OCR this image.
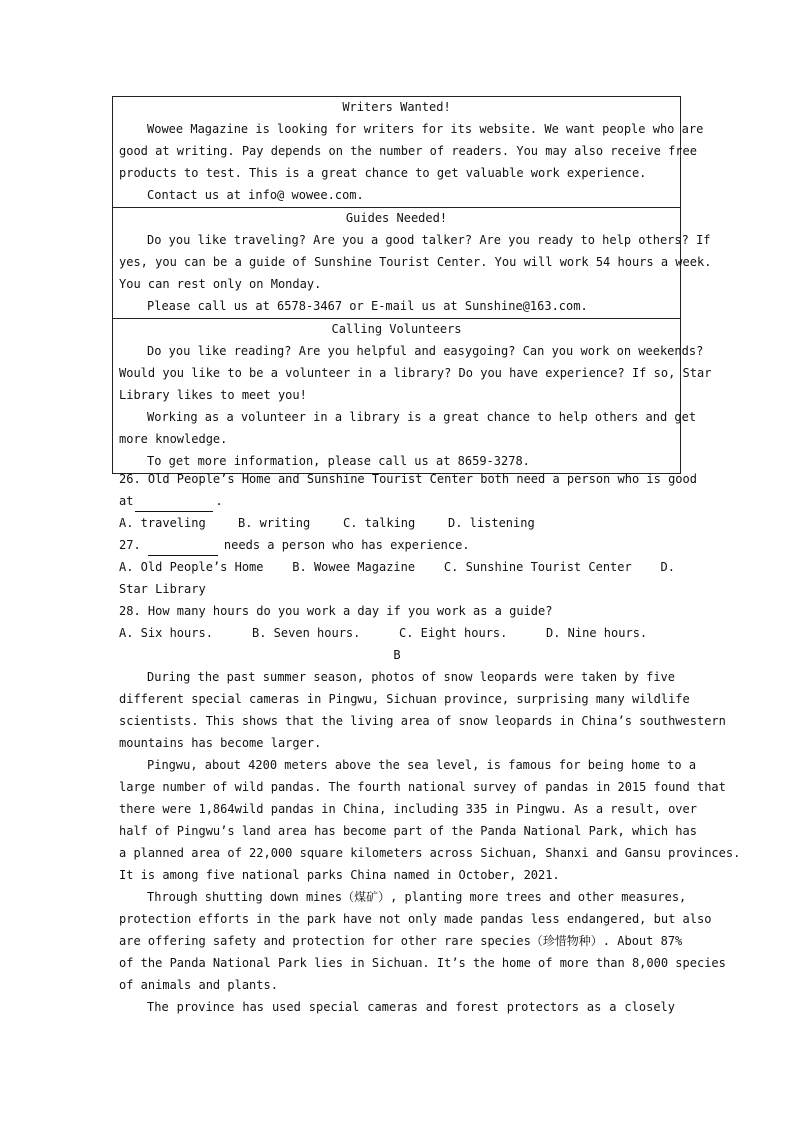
Writers Wanted!
Wowee Magazine is looking for writers for its website. We want people who are
good at writing. Pay depends on the number of readers. You may also receive free
products to test. This is a great chance to get valuable work experience.
Contact us at info@ wowee.com.
Guides Needed!
Do you like traveling? Are you a good talker? Are you ready to help others? If
yes, you can be a guide of Sunshine Tourist Center. You will work 54 hours a week.
You can rest only on Monday.
Please call us at 6578-3467 or E-mail us at Sunshine@163.com.
Calling Volunteers
Do you like reading? Are you helpful and easygoing? Can you work on weekends?
Would you like to be a volunteer in a library? Do you have experience? If so, Star
Library likes to meet you!
Working as a volunteer in a library is a great chance to help others and get
more knowledge.
To get more information, please call us at 8659-3278.
26. Old People’s Home and Sunshine Tourist Center both need a person who is good
at	.
A. traveling	B. writing	C. talking	D. listening
27.	needs a person who has experience.
A. Old People’s Home B. Wowee Magazine C. Sunshine Tourist Center D.
Star Library
28. How many hours do you work a day if you work as a guide?
A. Six hours.	B. Seven hours.	C. Eight hours.	D. Nine hours.
B
During the past summer season, photos of snow leopards were taken by five
different special cameras in Pingwu, Sichuan province, surprising many wildlife
scientists. This shows that the living area of snow leopards in China’s southwestern
mountains has become larger.
Pingwu, about 4200 meters above the sea level, is famous for being home to a
large number of wild pandas. The fourth national survey of pandas in 2015 found that
there were 1,864wild pandas in China, including 335 in Pingwu. As a result, over
half of Pingwu’s land area has become part of the Panda National Park, which has
a planned area of 22,000 square kilometers across Sichuan, Shanxi and Gansu provinces.
It is among five national parks China named in October, 2021.
Through shutting down mines（煤矿）, planting more trees and other measures,
protection efforts in the park have not only made pandas less endangered, but also
are offering safety and protection for other rare species（珍惜物种）. About 87%
of the Panda National Park lies in Sichuan. It’s the home of more than 8,000 species
of animals and plants.
The province has used special cameras and forest protectors as a closely
